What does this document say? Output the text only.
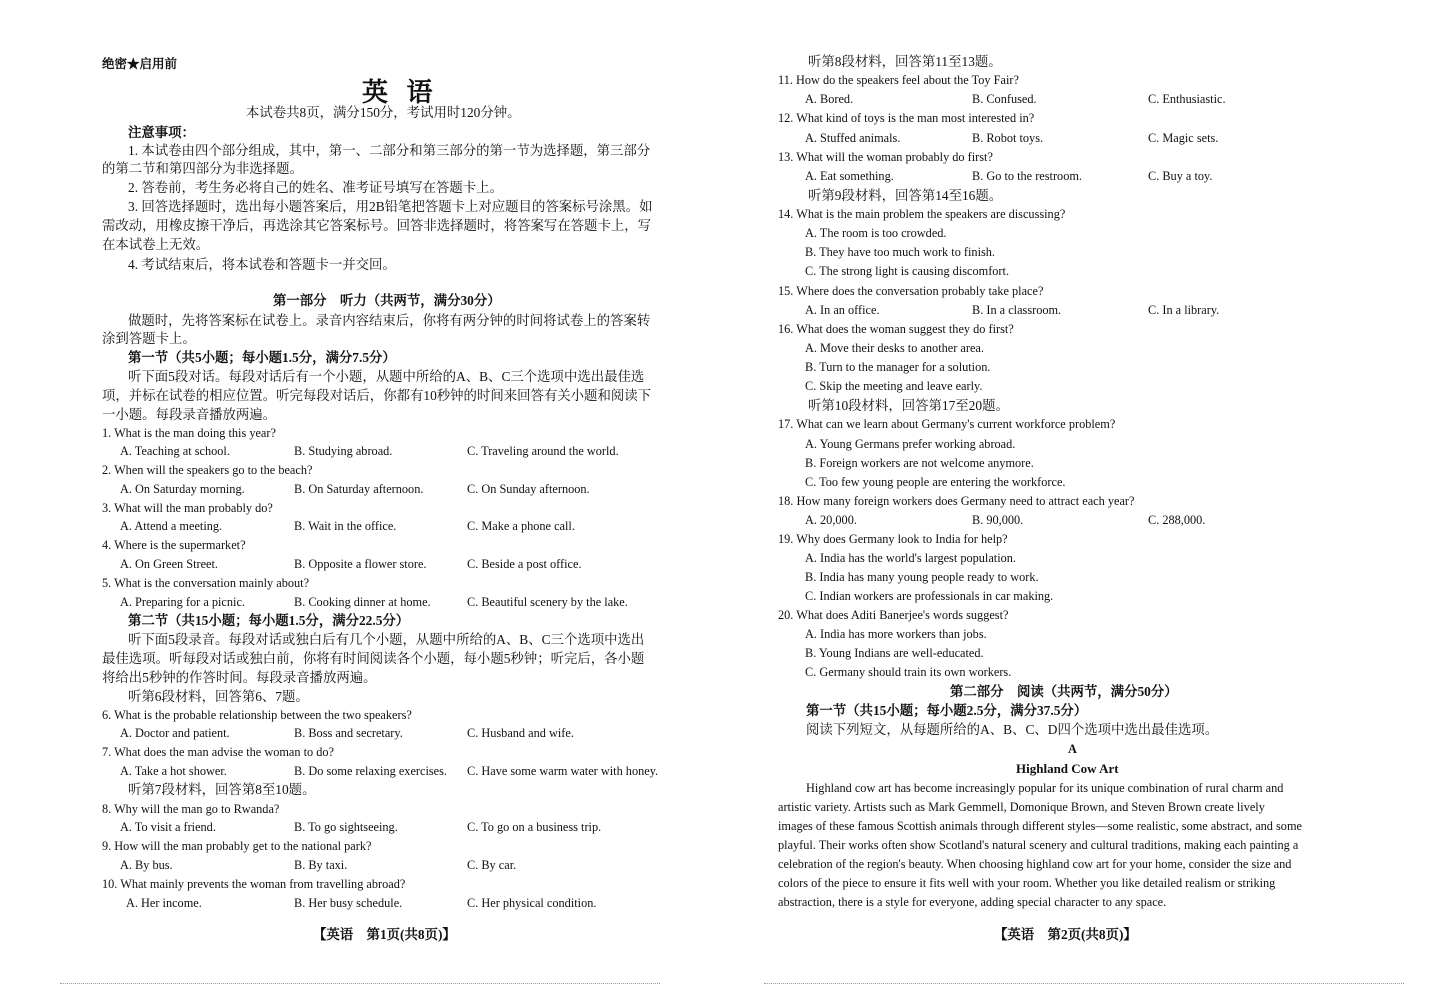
绝密★启用前
英 语
本试卷共8页，满分150分，考试用时120分钟。
注意事项：
1. 本试卷由四个部分组成，其中，第一、二部分和第三部分的第一节为选择题，第三部分
的第二节和第四部分为非选择题。
2. 答卷前，考生务必将自己的姓名、准考证号填写在答题卡上。
3. 回答选择题时，选出每小题答案后，用2B铅笔把答题卡上对应题目的答案标号涂黑。如
需改动，用橡皮擦干净后，再选涂其它答案标号。回答非选择题时，将答案写在答题卡上，写
在本试卷上无效。
4. 考试结束后，将本试卷和答题卡一并交回。
第一部分　听力（共两节，满分30分）
做题时，先将答案标在试卷上。录音内容结束后，你将有两分钟的时间将试卷上的答案转
涂到答题卡上。
第一节（共5小题；每小题1.5分，满分7.5分）
听下面5段对话。每段对话后有一个小题，从题中所给的A、B、C三个选项中选出最佳选
项，并标在试卷的相应位置。听完每段对话后，你都有10秒钟的时间来回答有关小题和阅读下
一小题。每段录音播放两遍。
1. What is the man doing this year?
A. Teaching at school.	B. Studying abroad.	C. Traveling around the world.
2. When will the speakers go to the beach?
A. On Saturday morning.	B. On Saturday afternoon.	C. On Sunday afternoon.
3. What will the man probably do?
A. Attend a meeting.	B. Wait in the office.	C. Make a phone call.
4. Where is the supermarket?
A. On Green Street.	B. Opposite a flower store.	C. Beside a post office.
5. What is the conversation mainly about?
A. Preparing for a picnic.	B. Cooking dinner at home.	C. Beautiful scenery by the lake.
第二节（共15小题；每小题1.5分，满分22.5分）
听下面5段录音。每段对话或独白后有几个小题，从题中所给的A、B、C三个选项中选出
最佳选项。听每段对话或独白前，你将有时间阅读各个小题，每小题5秒钟；听完后，各小题
将给出5秒钟的作答时间。每段录音播放两遍。
听第6段材料，回答第6、7题。
6. What is the probable relationship between the two speakers?
A. Doctor and patient.	B. Boss and secretary.	C. Husband and wife.
7. What does the man advise the woman to do?
A. Take a hot shower.	B. Do some relaxing exercises. C. Have some warm water with honey.
听第7段材料，回答第8至10题。
8. Why will the man go to Rwanda?
A. To visit a friend.	B. To go sightseeing.	C. To go on a business trip.
9. How will the man probably get to the national park?
A. By bus.	B. By taxi.	C. By car.
10. What mainly prevents the woman from travelling abroad?
A. Her income.	B. Her busy schedule.	C. Her physical condition.
【英语　第1页(共8页)】
听第8段材料，回答第11至13题。
11. How do the speakers feel about the Toy Fair?
A. Bored.	B. Confused.	C. Enthusiastic.
12. What kind of toys is the man most interested in?
A. Stuffed animals.	B. Robot toys.	C. Magic sets.
13. What will the woman probably do first?
A. Eat something.	B. Go to the restroom.	C. Buy a toy.
听第9段材料，回答第14至16题。
14. What is the main problem the speakers are discussing?
A. The room is too crowded.
B. They have too much work to finish.
C. The strong light is causing discomfort.
15. Where does the conversation probably take place?
A. In an office.	B. In a classroom.	C. In a library.
16. What does the woman suggest they do first?
A. Move their desks to another area.
B. Turn to the manager for a solution.
C. Skip the meeting and leave early.
听第10段材料，回答第17至20题。
17. What can we learn about Germany's current workforce problem?
A. Young Germans prefer working abroad.
B. Foreign workers are not welcome anymore.
C. Too few young people are entering the workforce.
18. How many foreign workers does Germany need to attract each year?
A. 20,000.	B. 90,000.	C. 288,000.
19. Why does Germany look to India for help?
A. India has the world's largest population.
B. India has many young people ready to work.
C. Indian workers are professionals in car making.
20. What does Aditi Banerjee's words suggest?
A. India has more workers than jobs.
B. Young Indians are well-educated.
C. Germany should train its own workers.
第二部分　阅读（共两节，满分50分）
第一节（共15小题；每小题2.5分，满分37.5分）
阅读下列短文，从每题所给的A、B、C、D四个选项中选出最佳选项。
A
Highland Cow Art
Highland cow art has become increasingly popular for its unique combination of rural charm and
artistic variety. Artists such as Mark Gemmell, Domonique Brown, and Steven Brown create lively
images of these famous Scottish animals through different styles—some realistic, some abstract, and some
playful. Their works often show Scotland's natural scenery and cultural traditions, making each painting a
celebration of the region's beauty. When choosing highland cow art for your home, consider the size and
colors of the piece to ensure it fits well with your room. Whether you like detailed realism or striking
abstraction, there is a style for everyone, adding special character to any space.
【英语　第2页(共8页)】
